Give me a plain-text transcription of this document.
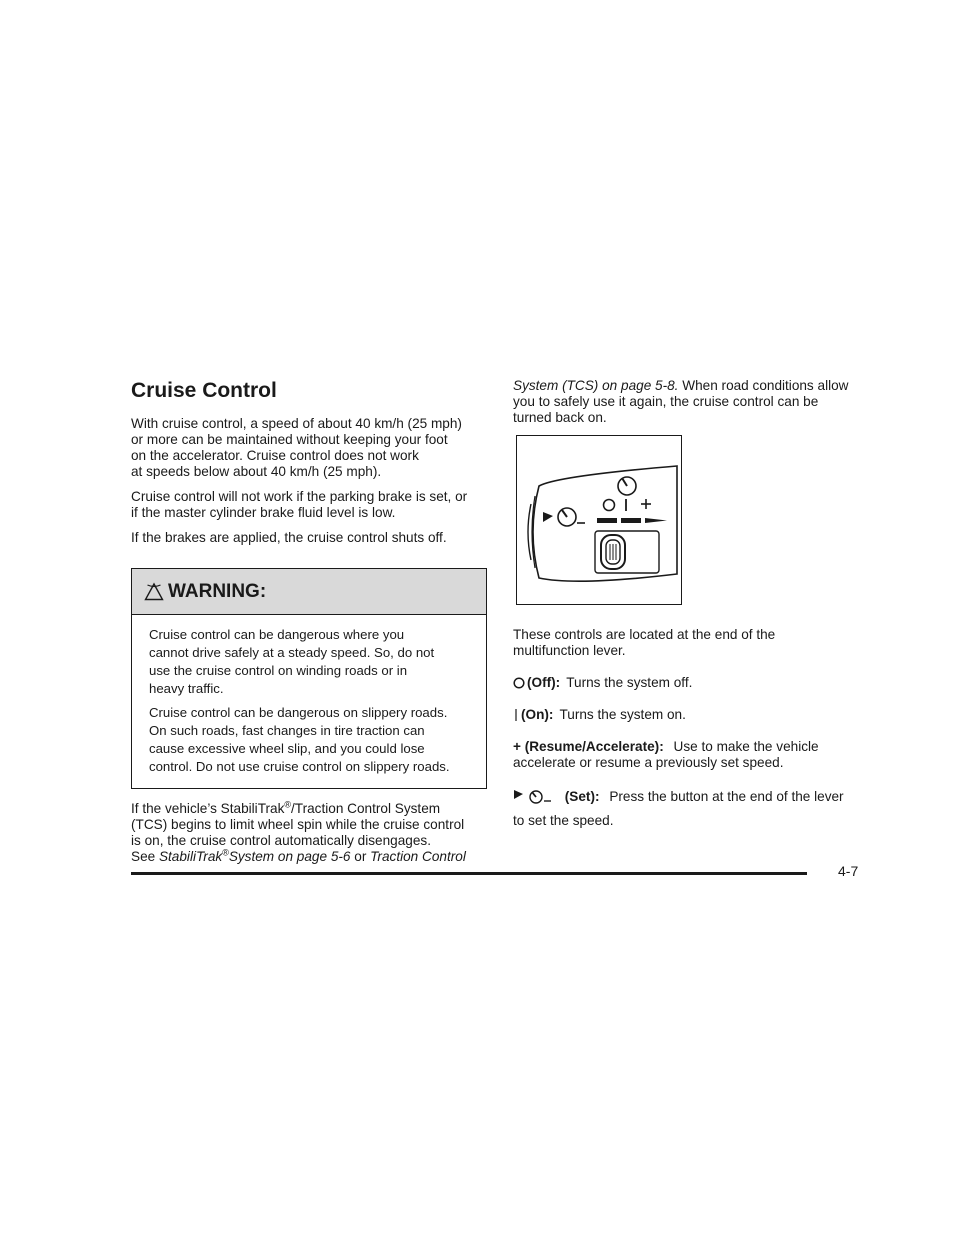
Cruise Control

With cruise control, a speed of about 40 km/h (25 mph)
or more can be maintained without keeping your foot
on the accelerator. Cruise control does not work
at speeds below about 40 km/h (25 mph).

Cruise control will not work if the parking brake is set, or
if the master cylinder brake fluid level is low.

If the brakes are applied, the cruise control shuts off.

WARNING:

Cruise control can be dangerous where you
cannot drive safely at a steady speed. So, do not
use the cruise control on winding roads or in
heavy traffic.

Cruise control can be dangerous on slippery roads.
On such roads, fast changes in tire traction can
cause excessive wheel slip, and you could lose
control. Do not use cruise control on slippery roads.

If the vehicle’s StabiliTrak®/Traction Control System
(TCS) begins to limit wheel spin while the cruise control
is on, the cruise control automatically disengages.
See StabiliTrak®System on page 5-6 or Traction Control

System (TCS) on page 5-8. When road conditions allow
you to safely use it again, the cruise control can be
turned back on.

These controls are located at the end of the
multifunction lever.

(Off): Turns the system off.

(On): Turns the system on.

+ (Resume/Accelerate): Use to make the vehicle
accelerate or resume a previously set speed.

(Set): Press the button at the end of the lever
to set the speed.

4-7
